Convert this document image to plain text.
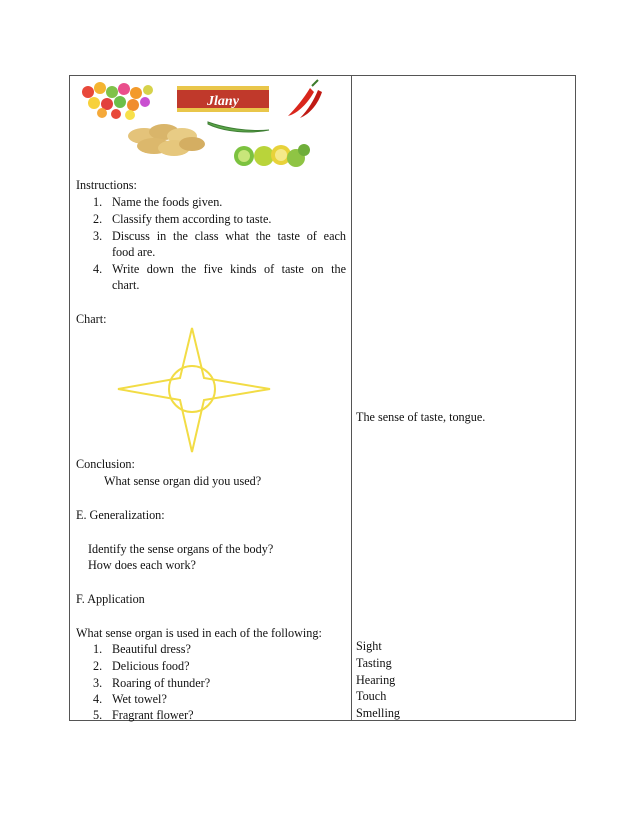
Jlany
Instructions:
1. Name the foods given.
2. Classify them according to taste.
3. Discuss in the class what the taste of each
food are.
4. Write down the five kinds of taste on the
chart.
Chart:
Conclusion:
What sense organ did you used?
E. Generalization:
Identify the sense organs of the body?
How does each work?
F. Application
What sense organ is used in each of the following:
1. Beautiful dress?
2. Delicious food?
3. Roaring of thunder?
4. Wet towel?
5. Fragrant flower?
The sense of taste, tongue.
Sight
Tasting
Hearing
Touch
Smelling
